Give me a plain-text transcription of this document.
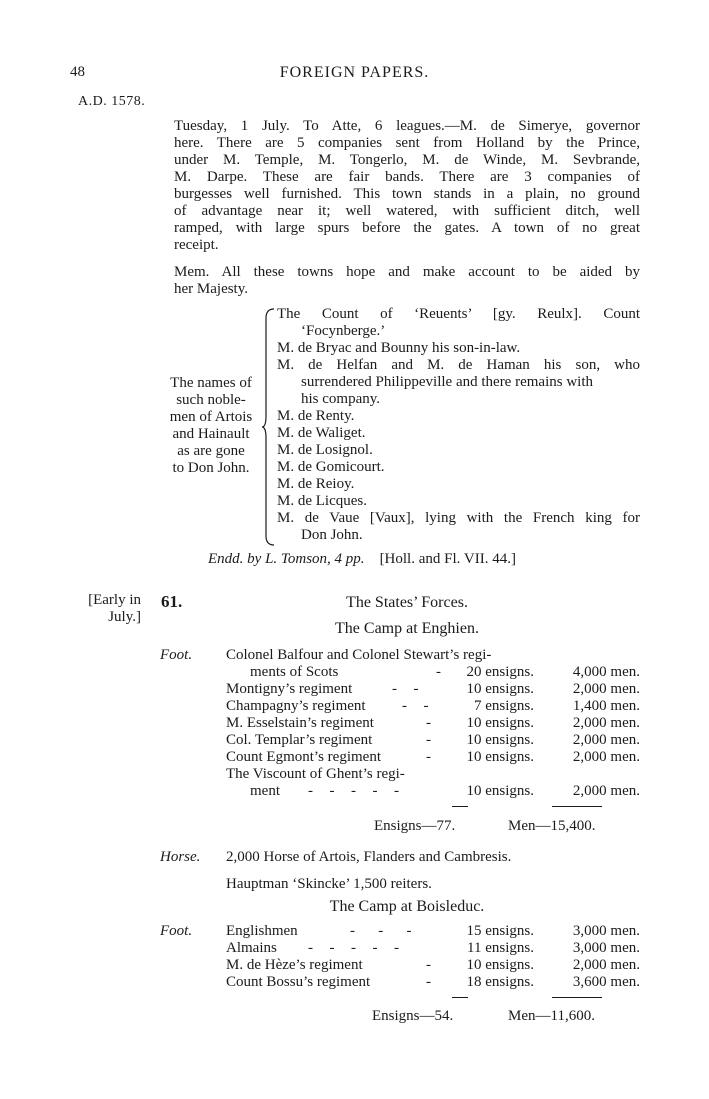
48	FOREIGN PAPERS.
A.D. 1578.
Tuesday, 1 July. To Atte, 6 leagues.—M. de Simerye, governor
here. There are 5 companies sent from Holland by the Prince,
under M. Temple, M. Tongerlo, M. de Winde, M. Sevbrande,
M. Darpe. These are fair bands. There are 3 companies of
burgesses well furnished. This town stands in a plain, no ground
of advantage near it; well watered, with sufficient ditch, well
ramped, with large spurs before the gates. A town of no great
receipt.
Mem. All these towns hope and make account to be aided by
her Majesty.
The names of
such noble-
men of Artois
and Hainault
as are gone
to Don John.
The Count of ‘Reuents’ [gy. Reulx]. Count
‘Focynberge.’
M. de Bryac and Bounny his son-in-law.
M. de Helfan and M. de Haman his son, who
surrendered Philippeville and there remains with
his company.
M. de Renty.
M. de Waliget.
M. de Losignol.
M. de Gomicourt.
M. de Reioy.
M. de Licques.
M. de Vaue [Vaux], lying with the French king for
Don John.
Endd. by L. Tomson, 4 pp. [Holl. and Fl. VII. 44.]
[Early in
July.]
61.	The States’ Forces.
The Camp at Enghien.
Foot. Colonel Balfour and Colonel Stewart’s regi-
ments of Scots	-	20 ensigns.	4,000 men.
Montigny’s regiment	-  -	10 ensigns.	2,000 men.
Champagny’s regiment -  -	7 ensigns.	1,400 men.
M. Esselstain’s regiment	-	10 ensigns.	2,000 men.
Col. Templar’s regiment	-	10 ensigns.	2,000 men.
Count Egmont’s regiment	-	10 ensigns.	2,000 men.
The Viscount of Ghent’s regi-
ment -  -  -  -  -	10 ensigns.	2,000 men.
Ensigns—77.	Men—15,400.
Horse. 2,000 Horse of Artois, Flanders and Cambresis.
Hauptman ‘Skincke’ 1,500 reiters.
The Camp at Boisleduc.
Foot. Englishmen	-   -   -	15 ensigns.	3,000 men.
Almains -  -  -  -  -	11 ensigns.	3,000 men.
M. de Hèze’s regiment	-	10 ensigns.	2,000 men.
Count Bossu’s regiment	-	18 ensigns.	3,600 men.
Ensigns—54.	Men—11,600.
